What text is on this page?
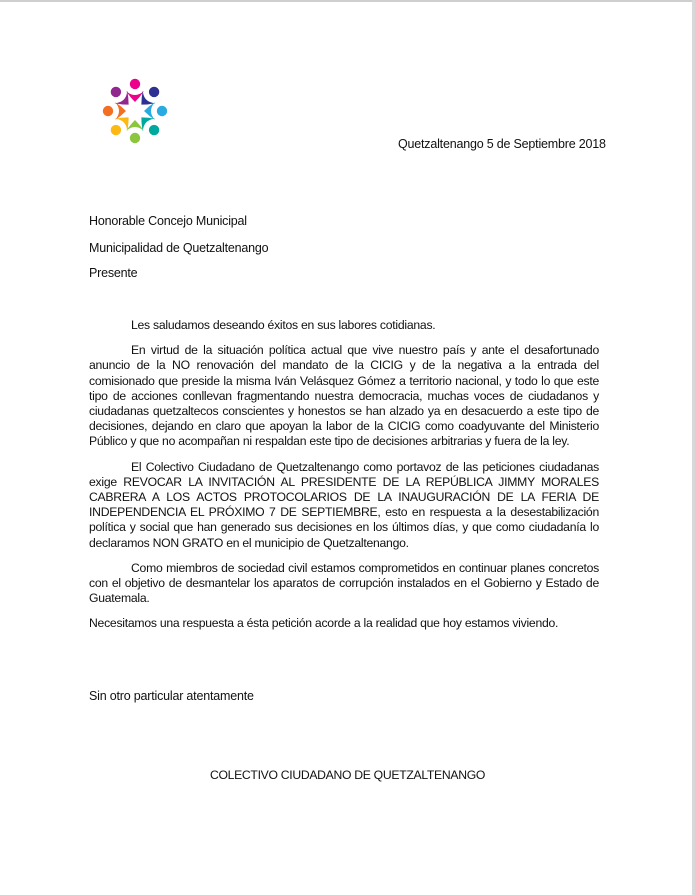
Quetzaltenango 5 de Septiembre 2018
Honorable Concejo Municipal
Municipalidad de Quetzaltenango
Presente

Les saludamos deseando éxitos en sus labores cotidianas.

En virtud de la situación política actual que vive nuestro país y ante el desafortunado anuncio de la NO renovación del mandato de la CICIG y de la negativa a la entrada del comisionado que preside la misma Iván Velásquez Gómez a territorio nacional, y todo lo que este tipo de acciones conllevan fragmentando nuestra democracia, muchas voces de ciudadanos y ciudadanas quetzaltecos conscientes y honestos se han alzado ya en desacuerdo a este tipo de decisiones, dejando en claro que apoyan la labor de la CICIG como coadyuvante del Ministerio Público y que no acompañan ni respaldan este tipo de decisiones arbitrarias y fuera de la ley.

El Colectivo Ciudadano de Quetzaltenango como portavoz de las peticiones ciudadanas exige REVOCAR LA INVITACIÓN AL PRESIDENTE DE LA REPÚBLICA JIMMY MORALES CABRERA A LOS ACTOS PROTOCOLARIOS DE LA INAUGURACIÓN DE LA FERIA DE INDEPENDENCIA EL PRÓXIMO 7 DE SEPTIEMBRE, esto en respuesta a la desestabilización política y social que han generado sus decisiones en los últimos días, y que como ciudadanía lo declaramos NON GRATO en el municipio de Quetzaltenango.

Como miembros de sociedad civil estamos comprometidos en continuar planes concretos con el objetivo de desmantelar los aparatos de corrupción instalados en el Gobierno y Estado de Guatemala.

Necesitamos una respuesta a ésta petición acorde a la realidad que hoy estamos viviendo.

Sin otro particular atentamente
COLECTIVO CIUDADANO DE QUETZALTENANGO
